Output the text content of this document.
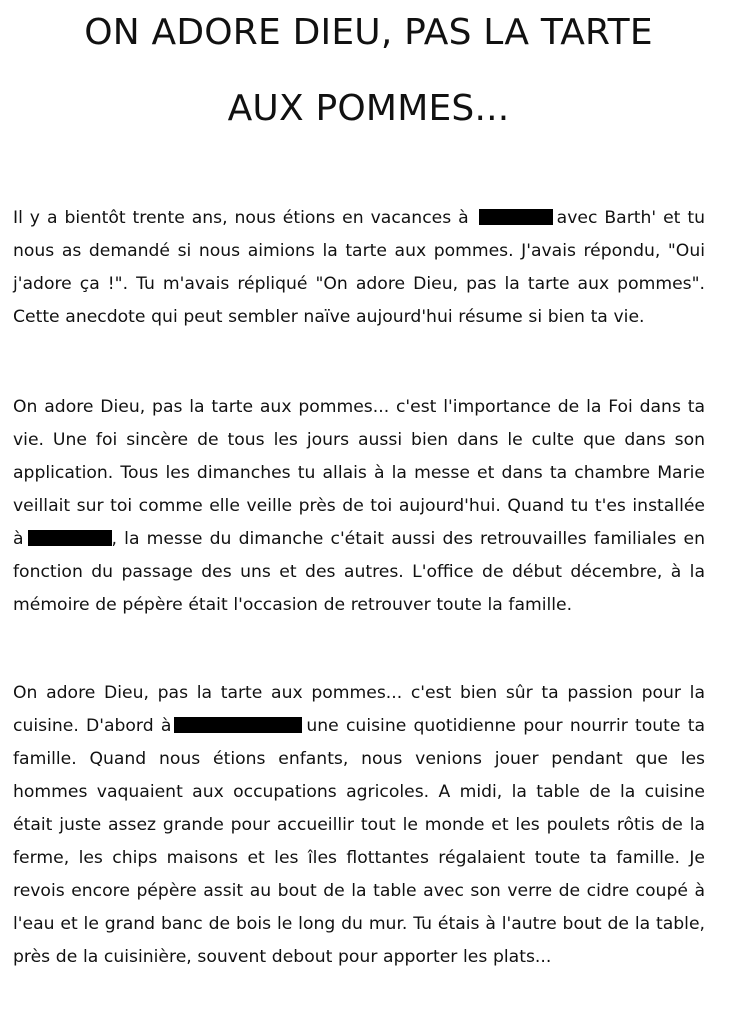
ON ADORE DIEU, PAS LA TARTE
AUX POMMES...

Il y a bientôt trente ans, nous étions en vacances à	avec Barth' et tu nous as demandé si nous aimions la tarte aux pommes. J'avais répondu, "Oui j'adore ça !". Tu m'avais répliqué "On adore Dieu, pas la tarte aux pommes". Cette anecdote qui peut sembler naïve aujourd'hui résume si bien ta vie.

On adore Dieu, pas la tarte aux pommes... c'est l'importance de la Foi dans ta vie. Une foi sincère de tous les jours aussi bien dans le culte que dans son application. Tous les dimanches tu allais à la messe et dans ta chambre Marie veillait sur toi comme elle veille près de toi aujourd'hui. Quand tu t'es installée à	, la messe du dimanche c'était aussi des retrouvailles familiales en fonction du passage des uns et des autres. L'office de début décembre, à la mémoire de pépère était l'occasion de retrouver toute la famille.

On adore Dieu, pas la tarte aux pommes... c'est bien sûr ta passion pour la cuisine. D'abord à	une cuisine quotidienne pour nourrir toute ta famille. Quand nous étions enfants, nous venions jouer pendant que les hommes vaquaient aux occupations agricoles. A midi, la table de la cuisine était juste assez grande pour accueillir tout le monde et les poulets rôtis de la ferme, les chips maisons et les îles flottantes régalaient toute ta famille. Je revois encore pépère assit au bout de la table avec son verre de cidre coupé à l'eau et le grand banc de bois le long du mur. Tu étais à l'autre bout de la table, près de la cuisinière, souvent debout pour apporter les plats...
